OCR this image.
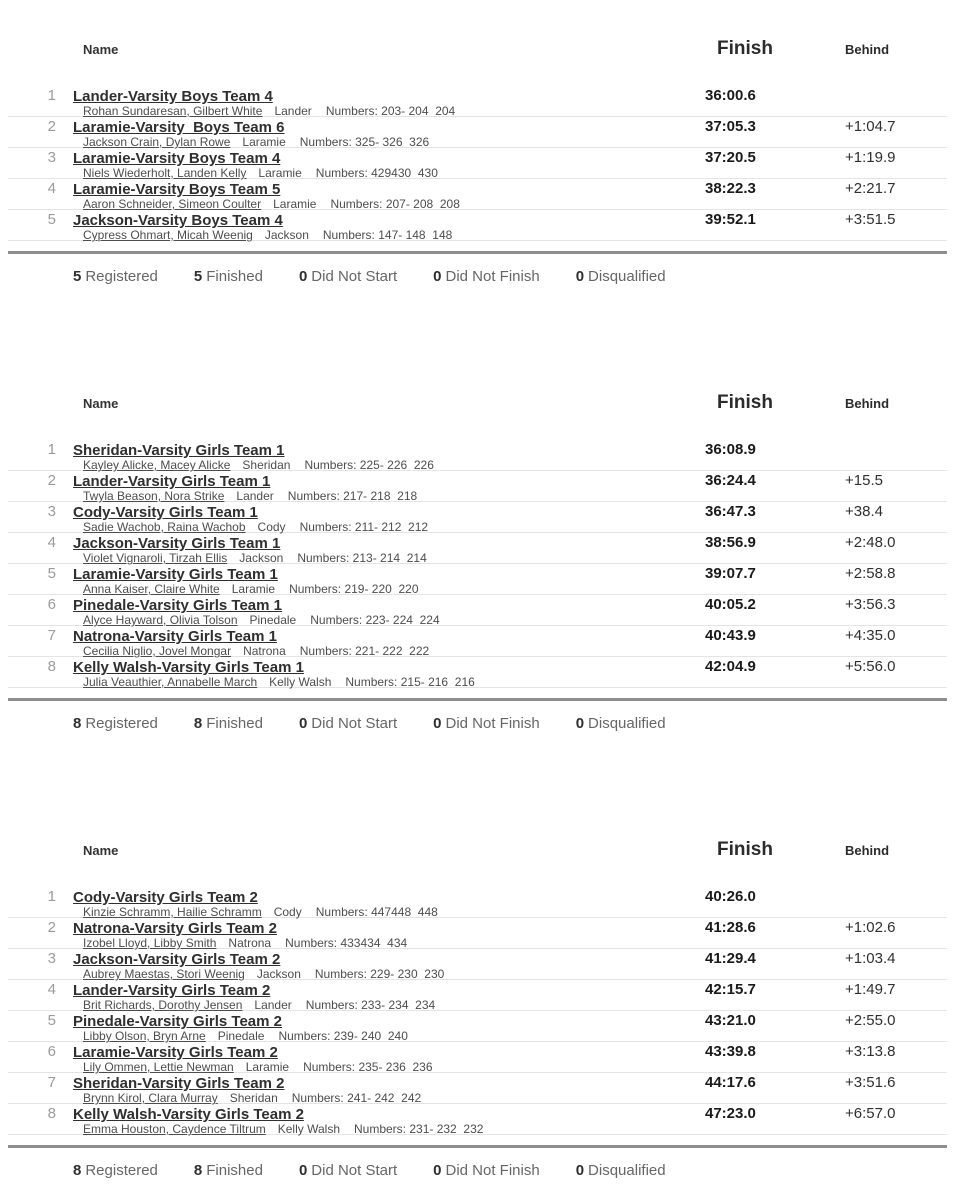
Name	Finish	Behind
1 Lander-Varsity Boys Team 4
Rohan Sundaresan, Gilbert White Lander Numbers: 203- 204  204
36:00.6
2 Laramie-Varsity  Boys Team 6
Jackson Crain, Dylan Rowe Laramie Numbers: 325- 326  326
37:05.3	+1:04.7
3 Laramie-Varsity Boys Team 4
Niels Wiederholt, Landen Kelly Laramie Numbers: 429430  430
37:20.5	+1:19.9
4 Laramie-Varsity Boys Team 5
Aaron Schneider, Simeon Coulter Laramie Numbers: 207- 208  208
38:22.3	+2:21.7
5 Jackson-Varsity Boys Team 4
Cypress Ohmart, Micah Weenig Jackson Numbers: 147- 148  148
39:52.1	+3:51.5
5 Registered 5 Finished 0 Did Not Start 0 Did Not Finish 0 Disqualified
Name	Finish	Behind
1 Sheridan-Varsity Girls Team 1
Kayley Alicke, Macey Alicke Sheridan Numbers: 225- 226  226
36:08.9
2 Lander-Varsity Girls Team 1
Twyla Beason, Nora Strike Lander Numbers: 217- 218  218
36:24.4	+15.5
3 Cody-Varsity Girls Team 1
Sadie Wachob, Raina Wachob Cody Numbers: 211- 212  212
36:47.3	+38.4
4 Jackson-Varsity Girls Team 1
Violet Vignaroli, Tirzah Ellis Jackson Numbers: 213- 214  214
38:56.9	+2:48.0
5 Laramie-Varsity Girls Team 1
Anna Kaiser, Claire White Laramie Numbers: 219- 220  220
39:07.7	+2:58.8
6 Pinedale-Varsity Girls Team 1
Alyce Hayward, Olivia Tolson Pinedale Numbers: 223- 224  224
40:05.2	+3:56.3
7 Natrona-Varsity Girls Team 1
Cecilia Niglio, Jovel Mongar Natrona Numbers: 221- 222  222
40:43.9	+4:35.0
8 Kelly Walsh-Varsity Girls Team 1
Julia Veauthier, Annabelle March Kelly Walsh Numbers: 215- 216  216
42:04.9	+5:56.0
8 Registered 8 Finished 0 Did Not Start 0 Did Not Finish 0 Disqualified
Name	Finish	Behind
1 Cody-Varsity Girls Team 2
Kinzie Schramm, Hailie Schramm Cody Numbers: 447448  448
40:26.0
2 Natrona-Varsity Girls Team 2
Izobel Lloyd, Libby Smith Natrona Numbers: 433434  434
41:28.6	+1:02.6
3 Jackson-Varsity Girls Team 2
Aubrey Maestas, Stori Weenig Jackson Numbers: 229- 230  230
41:29.4	+1:03.4
4 Lander-Varsity Girls Team 2
Brit Richards, Dorothy Jensen Lander Numbers: 233- 234  234
42:15.7	+1:49.7
5 Pinedale-Varsity Girls Team 2
Libby Olson, Bryn Arne Pinedale Numbers: 239- 240  240
43:21.0	+2:55.0
6 Laramie-Varsity Girls Team 2
Lily Ommen, Lettie Newman Laramie Numbers: 235- 236  236
43:39.8	+3:13.8
7 Sheridan-Varsity Girls Team 2
Brynn Kirol, Clara Murray Sheridan Numbers: 241- 242  242
44:17.6	+3:51.6
8 Kelly Walsh-Varsity Girls Team 2
Emma Houston, Caydence Tiltrum Kelly Walsh Numbers: 231- 232  232
47:23.0	+6:57.0
8 Registered 8 Finished 0 Did Not Start 0 Did Not Finish 0 Disqualified
